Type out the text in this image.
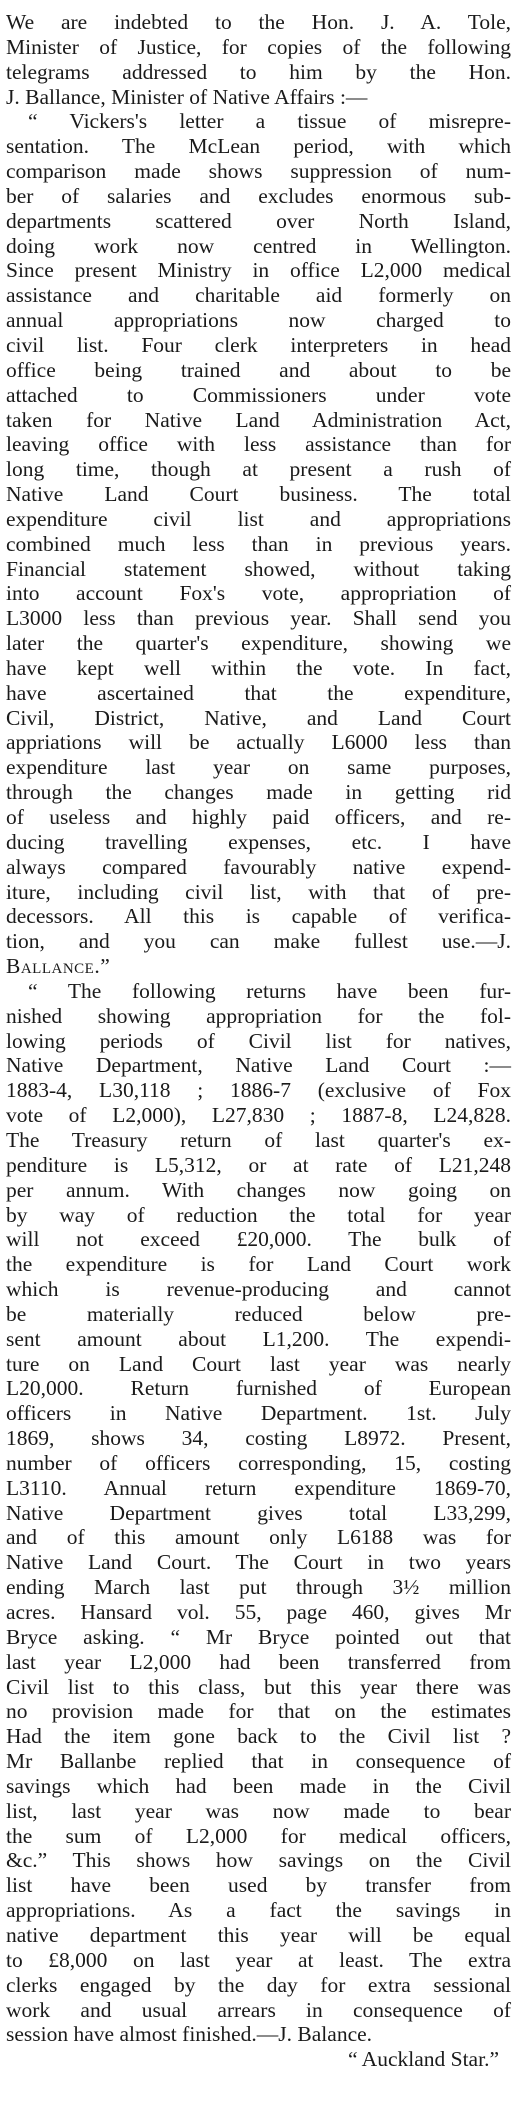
We are indebted to the Hon. J. A. Tole,
Minister of Justice, for copies of the following
telegrams addressed to him by the Hon.
J. Ballance, Minister of Native Affairs :—
“ Vickers's letter a tissue of misrepre-
sentation. The McLean period, with which
comparison made shows suppression of num-
ber of salaries and excludes enormous sub-
departments scattered over North Island,
doing work now centred in Wellington.
Since present Ministry in office L2,000 medical
assistance and charitable aid formerly on
annual appropriations now charged to
civil list. Four clerk interpreters in head
office being trained and about to be
attached to Commissioners under vote
taken for Native Land Administration Act,
leaving office with less assistance than for
long time, though at present a rush of
Native Land Court business. The total
expenditure civil list and appropriations
combined much less than in previous years.
Financial statement showed, without taking
into account Fox's vote, appropriation of
L3000 less than previous year. Shall send you
later the quarter's expenditure, showing we
have kept well within the vote. In fact,
have ascertained that the expenditure,
Civil, District, Native, and Land Court
appriations will be actually L6000 less than
expenditure last year on same purposes,
through the changes made in getting rid
of useless and highly paid officers, and re-
ducing travelling expenses, etc. I have
always compared favourably native expend-
iture, including civil list, with that of pre-
decessors. All this is capable of verifica-
tion, and you can make fullest use.—J.
Ballance.”
“ The following returns have been fur-
nished showing appropriation for the fol-
lowing periods of Civil list for natives,
Native Department, Native Land Court :—
1883-4, L30,118 ; 1886-7 (exclusive of Fox
vote of L2,000), L27,830 ; 1887-8, L24,828.
The Treasury return of last quarter's ex-
penditure is L5,312, or at rate of L21,248
per annum. With changes now going on
by way of reduction the total for year
will not exceed £20,000. The bulk of
the expenditure is for Land Court work
which is revenue-producing and cannot
be materially reduced below pre-
sent amount about L1,200. The expendi-
ture on Land Court last year was nearly
L20,000. Return furnished of European
officers in Native Department. 1st. July
1869, shows 34, costing L8972. Present,
number of officers corresponding, 15, costing
L3110. Annual return expenditure 1869-70,
Native Department gives total L33,299,
and of this amount only L6188 was for
Native Land Court. The Court in two years
ending March last put through 3½ million
acres. Hansard vol. 55, page 460, gives Mr
Bryce asking. “ Mr Bryce pointed out that
last year L2,000 had been transferred from
Civil list to this class, but this year there was
no provision made for that on the estimates
Had the item gone back to the Civil list ?
Mr Ballanbe replied that in consequence of
savings which had been made in the Civil
list, last year was now made to bear
the sum of L2,000 for medical officers,
&c.” This shows how savings on the Civil
list have been used by transfer from
appropriations. As a fact the savings in
native department this year will be equal
to £8,000 on last year at least. The extra
clerks engaged by the day for extra sessional
work and usual arrears in consequence of
session have almost finished.—J. Balance.
“ Auckland Star.”
